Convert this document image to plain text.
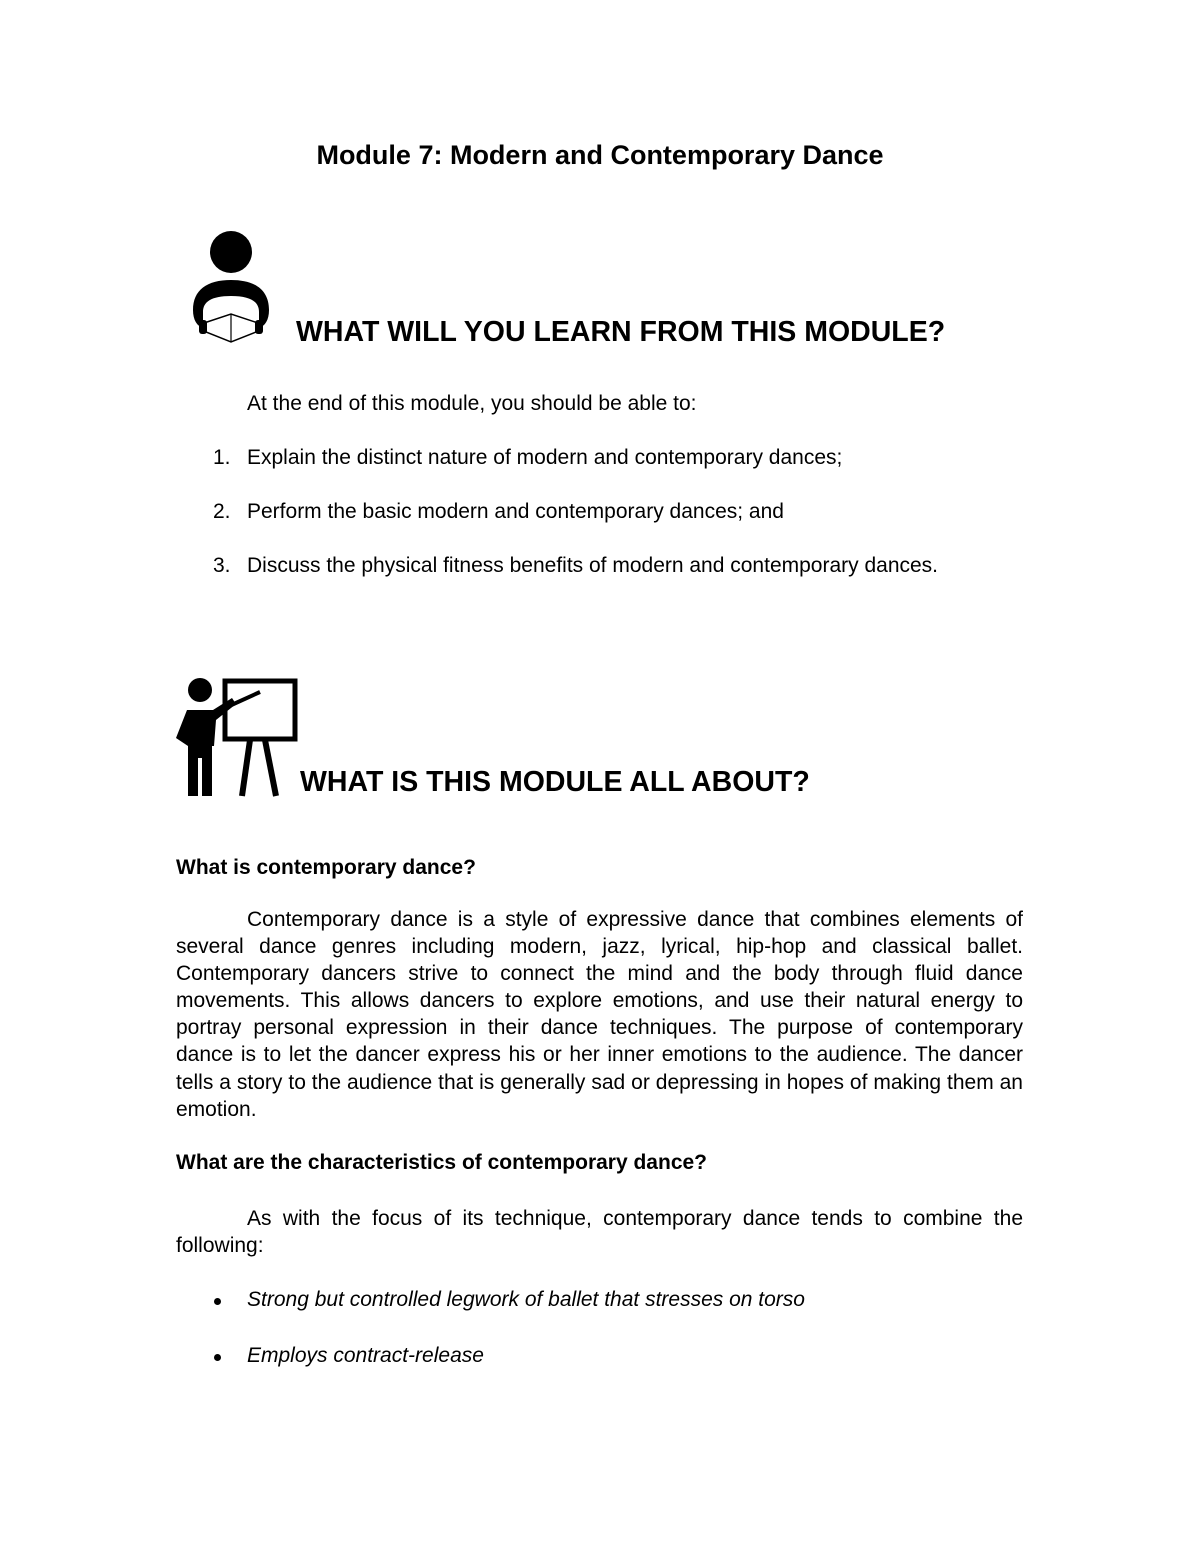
Module 7: Modern and Contemporary Dance
WHAT WILL YOU LEARN FROM THIS MODULE?
At the end of this module, you should be able to:
1. Explain the distinct nature of modern and contemporary dances;
2. Perform the basic modern and contemporary dances; and
3. Discuss the physical fitness benefits of modern and contemporary dances.
WHAT IS THIS MODULE ALL ABOUT?
What is contemporary dance?
Contemporary dance is a style of expressive dance that combines elements of several dance genres including modern, jazz, lyrical, hip-hop and classical ballet. Contemporary dancers strive to connect the mind and the body through fluid dance movements. This allows dancers to explore emotions, and use their natural energy to portray personal expression in their dance techniques. The purpose of contemporary dance is to let the dancer express his or her inner emotions to the audience. The dancer tells a story to the audience that is generally sad or depressing in hopes of making them an emotion.
What are the characteristics of contemporary dance?
As with the focus of its technique, contemporary dance tends to combine the following:
Strong but controlled legwork of ballet that stresses on torso
Employs contract-release
